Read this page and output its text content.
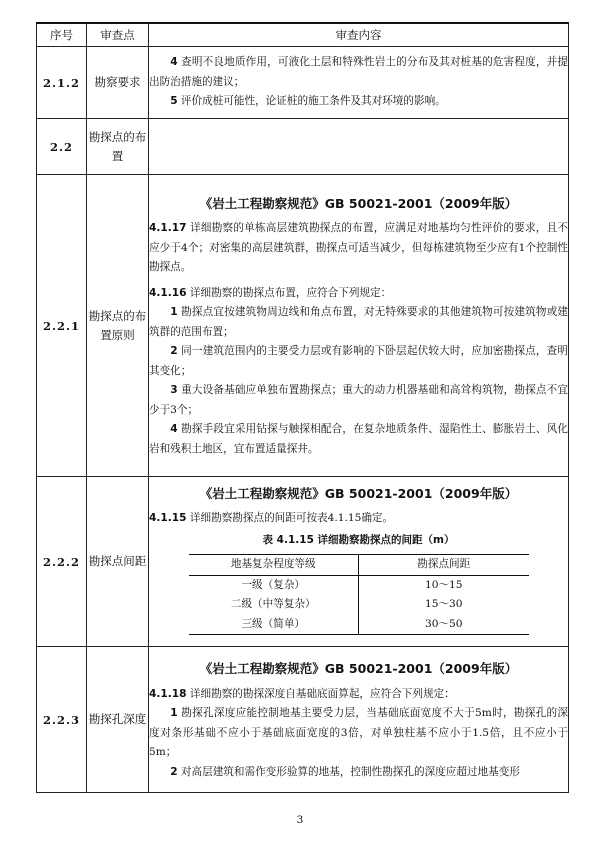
序号	审查点	审查内容
2.1.2	勘察要求	

4 查明不良地质作用，可液化土层和特殊性岩土的分布及其对桩基的危害程度，并提出防治措施的建议；

5 评价成桩可能性，论证桩的施工条件及其对环境的影响。

2.2	勘探点的布置	
2.2.1	勘探点的布置原则	
《岩土工程勘察规范》GB 50021-2001（2009年版）

4.1.17 详细勘察的单栋高层建筑勘探点的布置，应满足对地基均匀性评价的要求，且不应少于4个；对密集的高层建筑群，勘探点可适当减少，但每栋建筑物至少应有1个控制性勘探点。

4.1.16 详细勘察的勘探点布置，应符合下列规定：

1 勘探点宜按建筑物周边线和角点布置，对无特殊要求的其他建筑物可按建筑物或建筑群的范围布置；

2 同一建筑范围内的主要受力层或有影响的下卧层起伏较大时，应加密勘探点，查明其变化；

3 重大设备基础应单独布置勘探点；重大的动力机器基础和高耸构筑物，勘探点不宜少于3个；

4 勘探手段宜采用钻探与触探相配合，在复杂地质条件、湿陷性土、膨胀岩土、风化岩和残积土地区，宜布置适量探井。

2.2.2	勘探点间距	
《岩土工程勘察规范》GB 50021-2001（2009年版）

4.1.15 详细勘察勘探点的间距可按表4.1.15确定。

表 4.1.15 详细勘察勘探点的间距（m）
地基复杂程度等级	勘探点间距
一级（复杂）	10～15
二级（中等复杂）	15～30
三级（简单）	30～50

2.2.3	勘探孔深度	
《岩土工程勘察规范》GB 50021-2001（2009年版）

4.1.18 详细勘察的勘探深度自基础底面算起，应符合下列规定：

1 勘探孔深度应能控制地基主要受力层，当基础底面宽度不大于5m时，勘探孔的深度对条形基础不应小于基础底面宽度的3倍，对单独柱基不应小于1.5倍，且不应小于5m；

2 对高层建筑和需作变形验算的地基，控制性勘探孔的深度应超过地基变形

3
